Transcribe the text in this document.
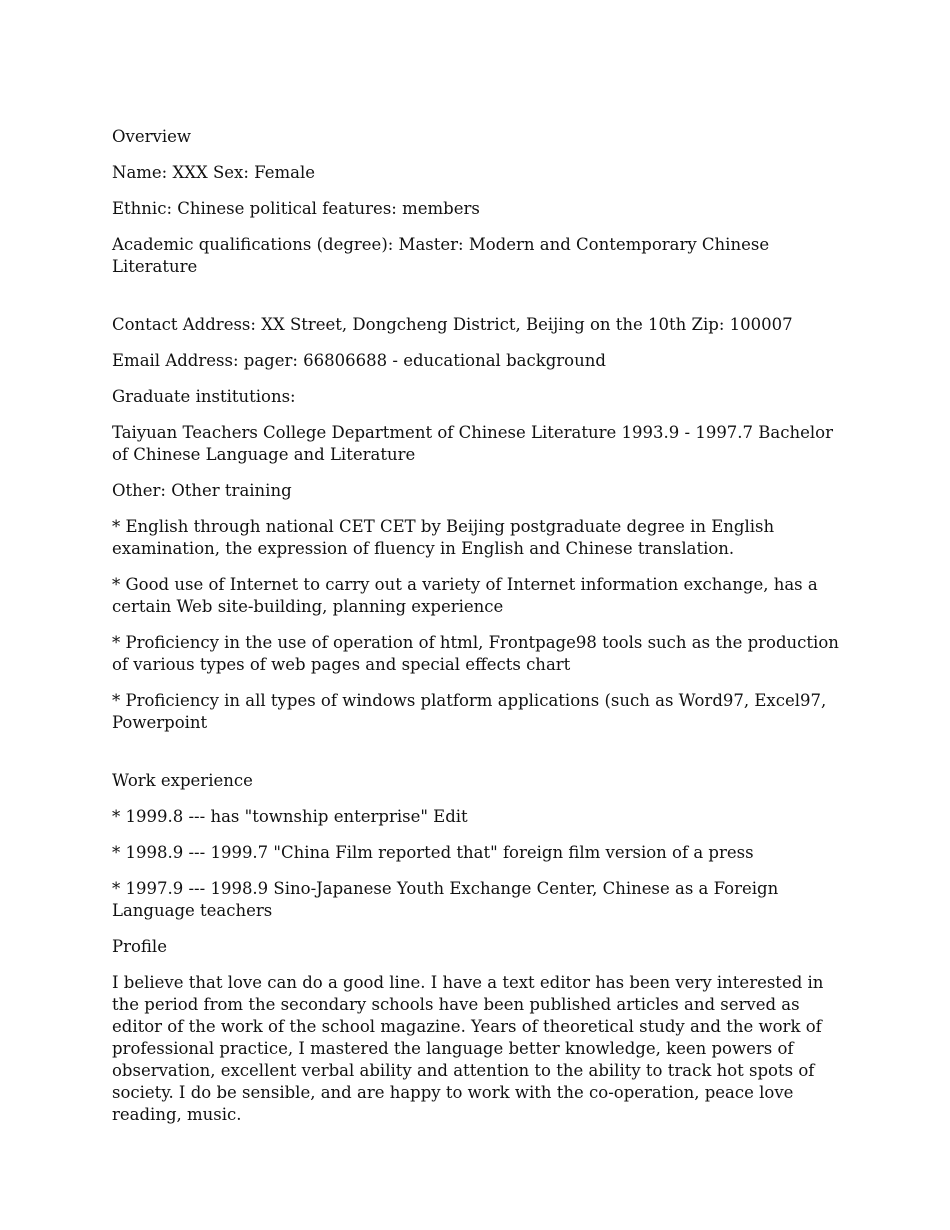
Overview

Name: XXX Sex: Female

Ethnic: Chinese political features: members

Academic qualifications (degree): Master: Modern and Contemporary Chinese Literature

Contact Address: XX Street, Dongcheng District, Beijing on the 10th Zip: 100007

Email Address: pager: 66806688 - educational background

Graduate institutions:

Taiyuan Teachers College Department of Chinese Literature 1993.9 - 1997.7 Bachelor of Chinese Language and Literature

Other: Other training

* English through national CET CET by Beijing postgraduate degree in English examination, the expression of fluency in English and Chinese translation.

* Good use of Internet to carry out a variety of Internet information exchange, has a certain Web site-building, planning experience

* Proficiency in the use of operation of html, Frontpage98 tools such as the production of various types of web pages and special effects chart

* Proficiency in all types of windows platform applications (such as Word97, Excel97, Powerpoint

Work experience

* 1999.8 --- has "township enterprise" Edit

* 1998.9 --- 1999.7 "China Film reported that" foreign film version of a press

* 1997.9 --- 1998.9 Sino-Japanese Youth Exchange Center, Chinese as a Foreign Language teachers

Profile

I believe that love can do a good line. I have a text editor has been very interested in the period from the secondary schools have been published articles and served as editor of the work of the school magazine. Years of theoretical study and the work of professional practice, I mastered the language better knowledge, keen powers of observation, excellent verbal ability and attention to the ability to track hot spots of society. I do be sensible, and are happy to work with the co-operation, peace love reading, music.
